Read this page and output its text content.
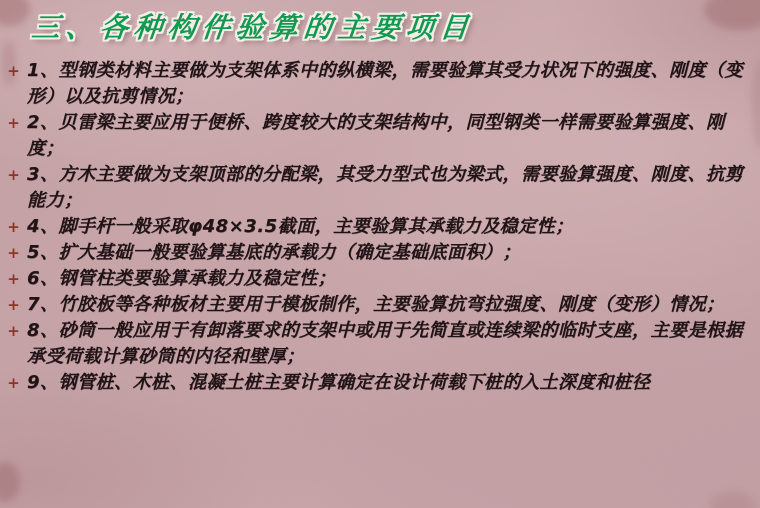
三、各种构件验算的主要项目
+ 1、型钢类材料主要做为支架体系中的纵横梁，需要验算其受力状况下的强度、刚度（变形）以及抗剪情况；
+ 2、贝雷梁主要应用于便桥、跨度较大的支架结构中，同型钢类一样需要验算强度、刚度；
+ 3、方木主要做为支架顶部的分配梁，其受力型式也为梁式，需要验算强度、刚度、抗剪能力；
+ 4、脚手杆一般采取φ48×3.5截面，主要验算其承载力及稳定性；
+ 5、扩大基础一般要验算基底的承载力（确定基础底面积）；
+ 6、钢管柱类要验算承载力及稳定性；
+ 7、竹胶板等各种板材主要用于模板制作，主要验算抗弯拉强度、刚度（变形）情况；
+ 8、砂筒一般应用于有卸落要求的支架中或用于先简直或连续梁的临时支座，主要是根据承受荷载计算砂筒的内径和壁厚；
+ 9、钢管桩、木桩、混凝土桩主要计算确定在设计荷载下桩的入土深度和桩径
